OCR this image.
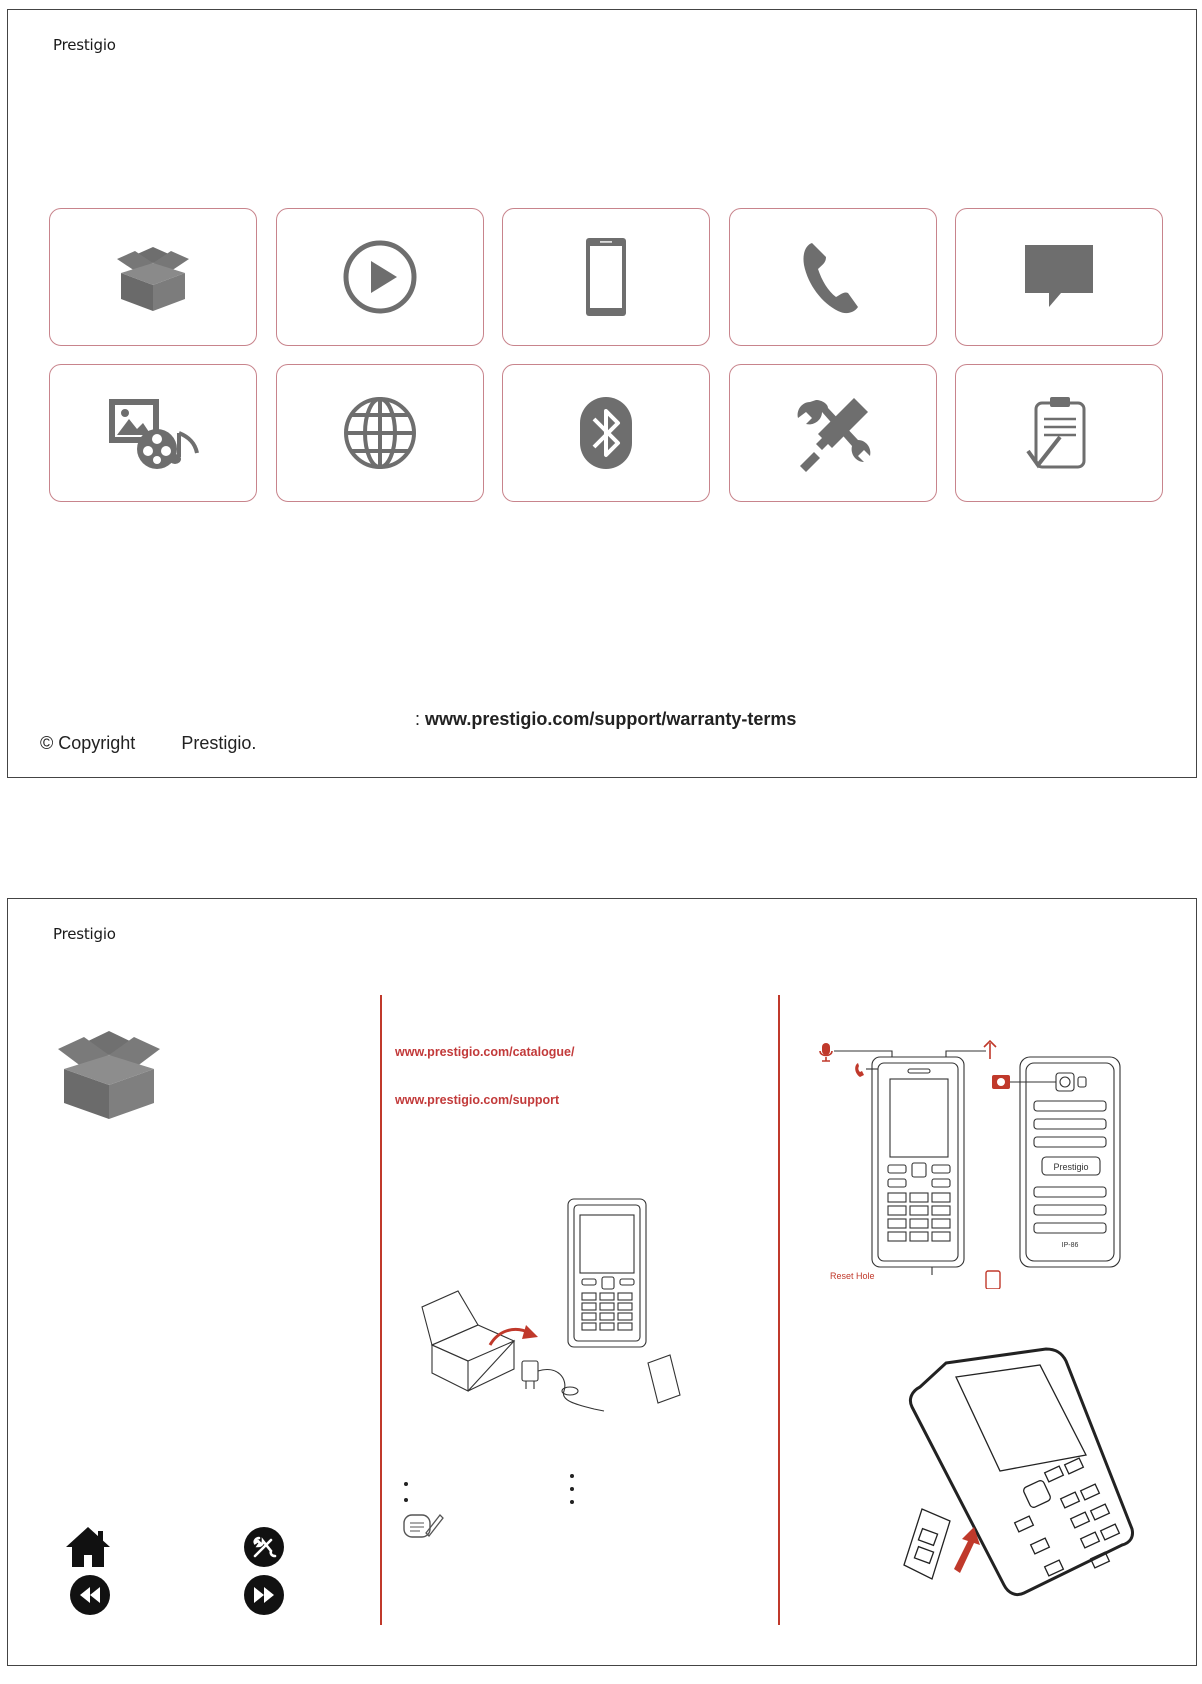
Prestigio
: www.prestigio.com/support/warranty-terms
© Copyright	Prestigio.
Prestigio
www.prestigio.com/catalogue/
www.prestigio.com/support
Prestigio
IP-86
Reset Hole
